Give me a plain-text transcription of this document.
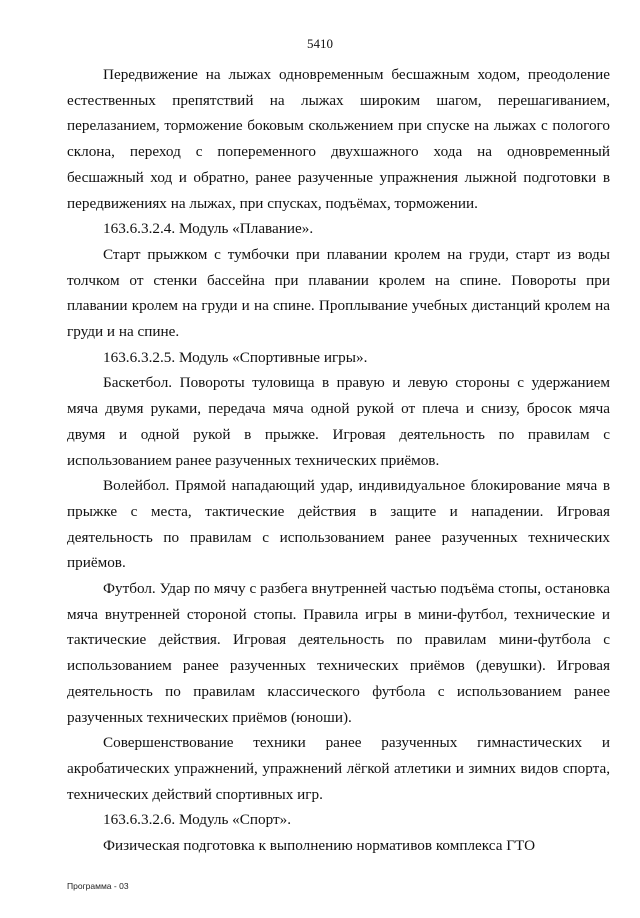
5410

Передвижение на лыжах одновременным бесшажным ходом, преодоление естественных препятствий на лыжах широким шагом, перешагиванием, перелазанием, торможение боковым скольжением при спуске на лыжах с пологого склона, переход с попеременного двухшажного хода на одновременный бесшажный ход и обратно, ранее разученные упражнения лыжной подготовки в передвижениях на лыжах, при спусках, подъёмах, торможении.

163.6.3.2.4. Модуль «Плавание».

Старт прыжком с тумбочки при плавании кролем на груди, старт из воды толчком от стенки бассейна при плавании кролем на спине. Повороты при плавании кролем на груди и на спине. Проплывание учебных дистанций кролем на груди и на спине.

163.6.3.2.5. Модуль «Спортивные игры».

Баскетбол. Повороты туловища в правую и левую стороны с удержанием мяча двумя руками, передача мяча одной рукой от плеча и снизу, бросок мяча двумя и одной рукой в прыжке. Игровая деятельность по правилам с использованием ранее разученных технических приёмов.

Волейбол. Прямой нападающий удар, индивидуальное блокирование мяча в прыжке с места, тактические действия в защите и нападении. Игровая деятельность по правилам с использованием ранее разученных технических приёмов.

Футбол. Удар по мячу с разбега внутренней частью подъёма стопы, остановка мяча внутренней стороной стопы. Правила игры в мини-футбол, технические и тактические действия. Игровая деятельность по правилам мини-футбола с использованием ранее разученных технических приёмов (девушки). Игровая деятельность по правилам классического футбола с использованием ранее разученных технических приёмов (юноши).

Совершенствование техники ранее разученных гимнастических и акробатических упражнений, упражнений лёгкой атлетики и зимних видов спорта, технических действий спортивных игр.

163.6.3.2.6. Модуль «Спорт».

Физическая подготовка к выполнению нормативов комплекса ГТО

Программа - 03
